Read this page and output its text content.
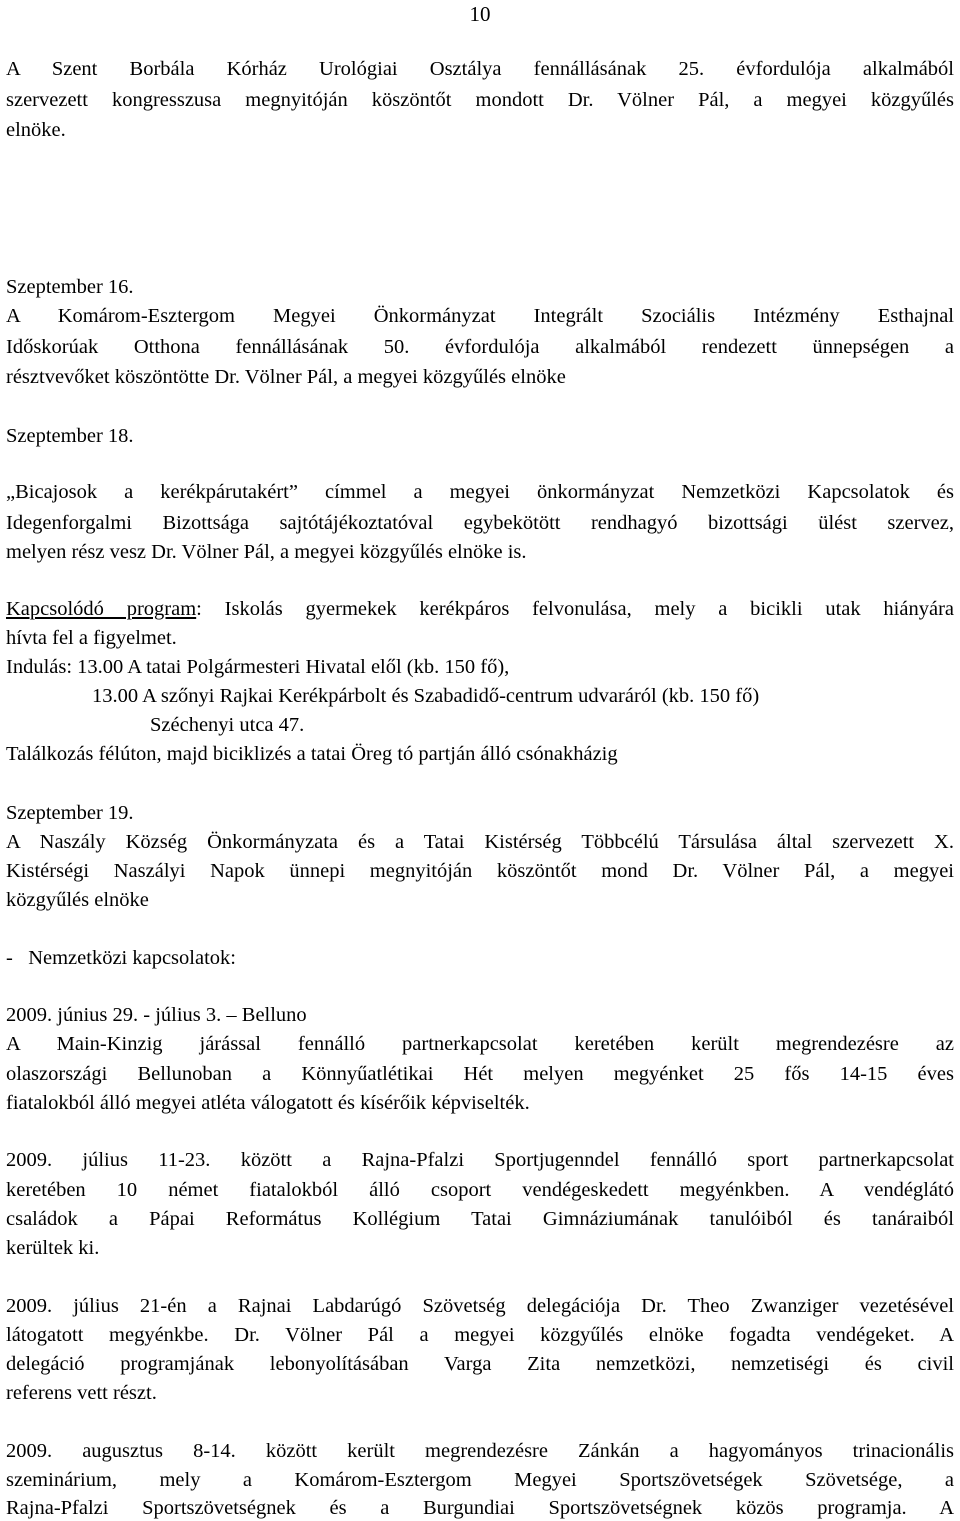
10
A Szent Borbála Kórház Urológiai Osztálya fennállásának 25. évfordulója alkalmából
szervezett kongresszusa megnyitóján köszöntőt mondott Dr. Völner Pál, a megyei közgyűlés
elnöke.
Szeptember 16.
A Komárom-Esztergom Megyei Önkormányzat Integrált Szociális Intézmény Esthajnal
Időskorúak Otthona fennállásának 50. évfordulója alkalmából rendezett ünnepségen a
résztvevőket köszöntötte Dr. Völner Pál, a megyei közgyűlés elnöke
Szeptember 18.
„Bicajosok a kerékpárutakért” címmel a megyei önkormányzat Nemzetközi Kapcsolatok és
Idegenforgalmi Bizottsága sajtótájékoztatóval egybekötött rendhagyó bizottsági ülést szervez,
melyen rész vesz Dr. Völner Pál, a megyei közgyűlés elnöke is.
Kapcsolódó program: Iskolás gyermekek kerékpáros felvonulása, mely a bicikli utak hiányára
hívta fel a figyelmet.
Indulás: 13.00 A tatai Polgármesteri Hivatal elől (kb. 150 fő),
13.00 A szőnyi Rajkai Kerékpárbolt és Szabadidő-centrum udvaráról (kb. 150 fő)
Széchenyi utca 47.
Találkozás félúton, majd biciklizés a tatai Öreg tó partján álló csónakházig
Szeptember 19.
A Naszály Község Önkormányzata és a Tatai Kistérség Többcélú Társulása által szervezett X.
Kistérségi Naszályi Napok ünnepi megnyitóján köszöntőt mond Dr. Völner Pál, a megyei
közgyűlés elnöke
-   Nemzetközi kapcsolatok:
2009. június 29. - július 3. – Belluno
A Main-Kinzig járással fennálló partnerkapcsolat keretében került megrendezésre az
olaszországi Bellunoban a Könnyűatlétikai Hét melyen megyénket 25 fős 14-15 éves
fiatalokból álló megyei atléta válogatott és kísérőik képviselték.
2009. július 11-23. között a Rajna-Pfalzi Sportjugenndel fennálló sport partnerkapcsolat
keretében 10 német fiatalokból álló csoport vendégeskedett megyénkben. A vendéglátó
családok a Pápai Református Kollégium Tatai Gimnáziumának tanulóiból és tanáraiból
kerültek ki.
2009. július 21-én a Rajnai Labdarúgó Szövetség delegációja Dr. Theo Zwanziger vezetésével
látogatott megyénkbe. Dr. Völner Pál a megyei közgyűlés elnöke fogadta vendégeket. A
delegáció programjának lebonyolításában Varga Zita nemzetközi, nemzetiségi és civil
referens vett részt.
2009. augusztus 8-14. között került megrendezésre Zánkán a hagyományos trinacionális
szeminárium, mely a Komárom-Esztergom Megyei Sportszövetségek Szövetsége, a
Rajna-Pfalzi Sportszövetségnek és a Burgundiai Sportszövetségnek közös programja. A
